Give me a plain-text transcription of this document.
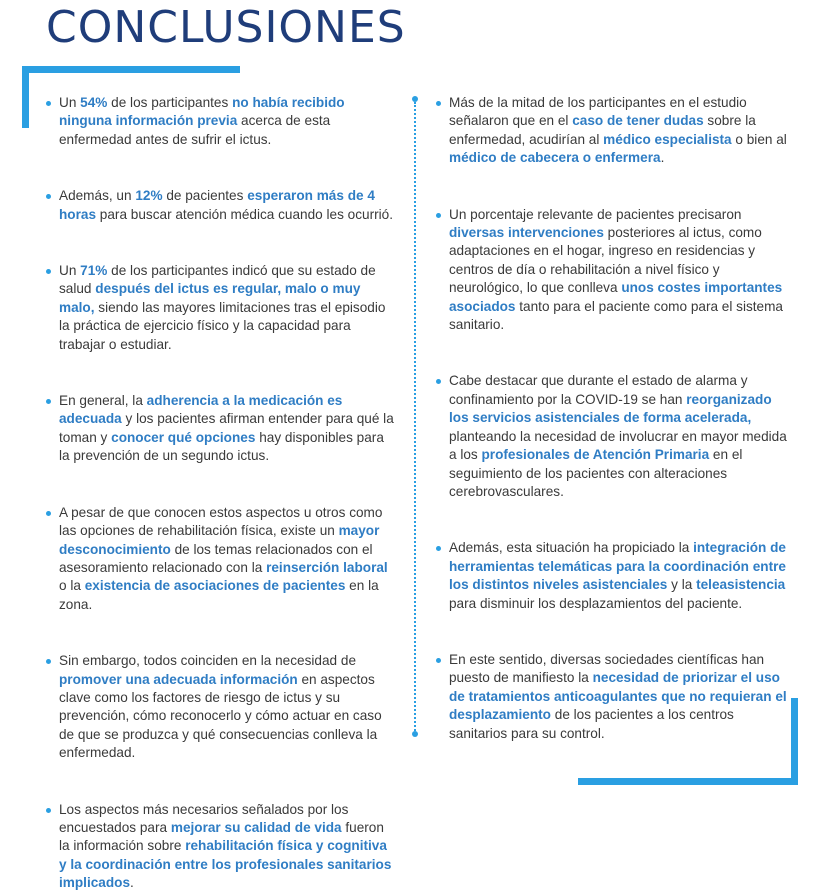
CONCLUSIONES
Un 54% de los participantes no había recibido ninguna información previa acerca de esta enfermedad antes de sufrir el ictus.
Además, un 12% de pacientes esperaron más de 4 horas para buscar atención médica cuando les ocurrió.
Un 71% de los participantes indicó que su estado de salud después del ictus es regular, malo o muy malo, siendo las mayores limitaciones tras el episodio la práctica de ejercicio físico y la capacidad para trabajar o estudiar.
En general, la adherencia a la medicación es adecuada y los pacientes afirman entender para qué la toman y conocer qué opciones hay disponibles para la prevención de un segundo ictus.
A pesar de que conocen estos aspectos u otros como las opciones de rehabilitación física, existe un mayor desconocimiento de los temas relacionados con el asesoramiento relacionado con la reinserción laboral o la existencia de asociaciones de pacientes en la zona.
Sin embargo, todos coinciden en la necesidad de promover una adecuada información en aspectos clave como los factores de riesgo de ictus y su prevención, cómo reconocerlo y cómo actuar en caso de que se produzca y qué consecuencias conlleva la enfermedad.
Los aspectos más necesarios señalados por los encuestados para mejorar su calidad de vida fueron la información sobre rehabilitación física y cognitiva y la coordinación entre los profesionales sanitarios implicados.
Más de la mitad de los participantes en el estudio señalaron que en el caso de tener dudas sobre la enfermedad, acudirían al médico especialista o bien al médico de cabecera o enfermera.
Un porcentaje relevante de pacientes precisaron diversas intervenciones posteriores al ictus, como adaptaciones en el hogar, ingreso en residencias y centros de día o rehabilitación a nivel físico y neurológico, lo que conlleva unos costes importantes asociados tanto para el paciente como para el sistema sanitario.
Cabe destacar que durante el estado de alarma y confinamiento por la COVID-19 se han reorganizado los servicios asistenciales de forma acelerada, planteando la necesidad de involucrar en mayor medida a los profesionales de Atención Primaria en el seguimiento de los pacientes con alteraciones cerebrovasculares.
Además, esta situación ha propiciado la integración de herramientas telemáticas para la coordinación entre los distintos niveles asistenciales y la teleasistencia para disminuir los desplazamientos del paciente.
En este sentido, diversas sociedades científicas han puesto de manifiesto la necesidad de priorizar el uso de tratamientos anticoagulantes que no requieran el desplazamiento de los pacientes a los centros sanitarios para su control.
